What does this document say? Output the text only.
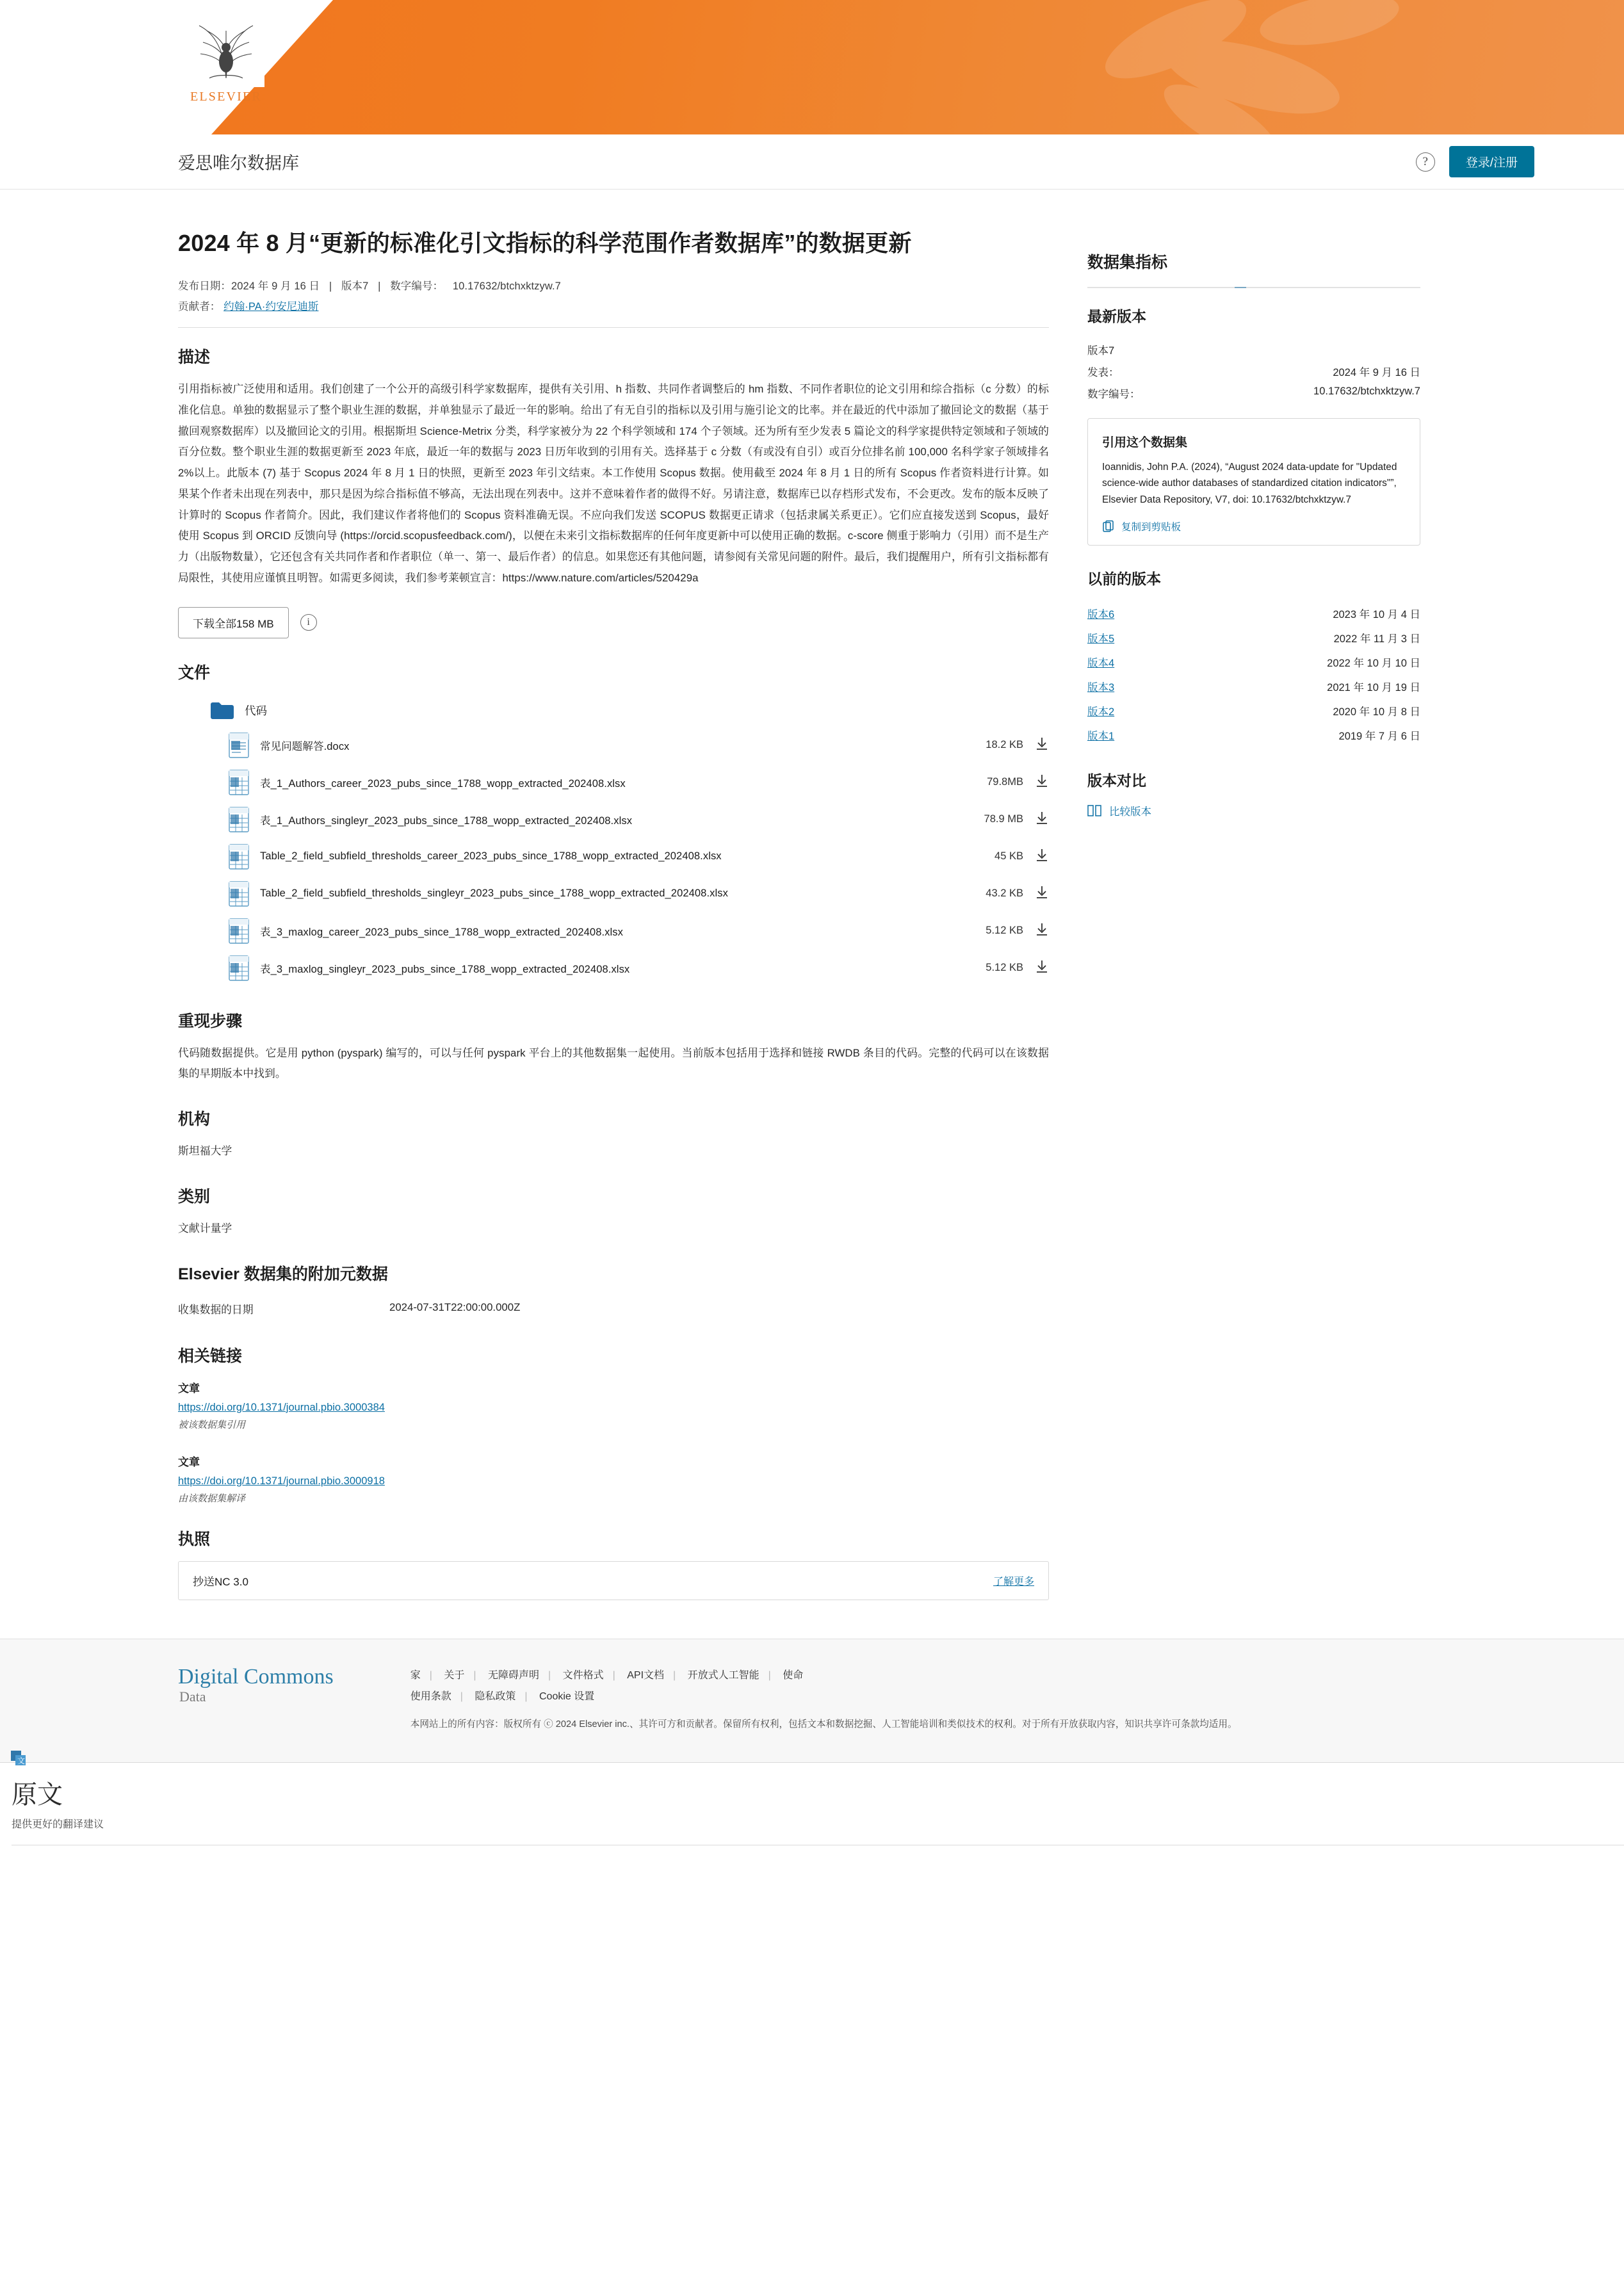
ELSEVIER
爱思唯尔数据库	?	登录/注册
2024 年 8 月“更新的标准化引文指标的科学范围作者数据库”的数据更新
发布日期：2024 年 9 月 16 日 | 版本7 | 数字编号： 10.17632/btchxktzyw.7
贡献者： 约翰·PA·约安尼迪斯
描述

引用指标被广泛使用和适用。我们创建了一个公开的高级引科学家数据库，提供有关引用、h 指数、共同作者调整后的 hm 指数、不同作者职位的论文引用和综合指标（c 分数）的标准化信息。单独的数据显示了整个职业生涯的数据，并单独显示了最近一年的影响。给出了有无自引的指标以及引用与施引论文的比率。并在最近的代中添加了撤回论文的数据（基于撤回观察数据库）以及撤回论文的引用。根据斯坦 Science-Metrix 分类，科学家被分为 22 个科学领域和 174 个子领域。还为所有至少发表 5 篇论文的科学家提供特定领域和子领域的百分位数。整个职业生涯的数据更新至 2023 年底，最近一年的数据与 2023 日历年收到的引用有关。选择基于 c 分数（有或没有自引）或百分位排名前 100,000 名科学家子领域排名2%以上。此版本 (7) 基于 Scopus 2024 年 8 月 1 日的快照，更新至 2023 年引文结束。本工作使用 Scopus 数据。使用截至 2024 年 8 月 1 日的所有 Scopus 作者资料进行计算。如果某个作者未出现在列表中，那只是因为综合指标值不够高，无法出现在列表中。这并不意味着作者的做得不好。另请注意，数据库已以存档形式发布，不会更改。发布的版本反映了计算时的 Scopus 作者简介。因此，我们建议作者将他们的 Scopus 资料准确无误。不应向我们发送 SCOPUS 数据更正请求（包括隶属关系更正）。它们应直接发送到 Scopus，最好使用 Scopus 到 ORCID 反馈向导 (https://orcid.scopusfeedback.com/)，以便在未来引文指标数据库的任何年度更新中可以使用正确的数据。c-score 侧重于影响力（引用）而不是生产力（出版物数量），它还包含有关共同作者和作者职位（单一、第一、最后作者）的信息。如果您还有其他问题，请参阅有关常见问题的附件。最后，我们提醒用户，所有引文指标都有局限性，其使用应谨慎且明智。如需更多阅读，我们参考莱顿宣言：https://www.nature.com/articles/520429a

下载全部158 MB	i
文件
代码
常见问题解答.docx	18.2 KB
表_1_Authors_career_2023_pubs_since_1788_wopp_extracted_202408.xlsx	79.8MB
表_1_Authors_singleyr_2023_pubs_since_1788_wopp_extracted_202408.xlsx	78.9 MB
Table_2_field_subfield_thresholds_career_2023_pubs_since_1788_wopp_extracted_202408.xlsx	45 KB
Table_2_field_subfield_thresholds_singleyr_2023_pubs_since_1788_wopp_extracted_202408.xlsx	43.2 KB
表_3_maxlog_career_2023_pubs_since_1788_wopp_extracted_202408.xlsx	5.12 KB
表_3_maxlog_singleyr_2023_pubs_since_1788_wopp_extracted_202408.xlsx	5.12 KB
重现步骤

代码随数据提供。它是用 python (pyspark) 编写的，可以与任何 pyspark 平台上的其他数据集一起使用。当前版本包括用于选择和链接 RWDB 条目的代码。完整的代码可以在该数据集的早期版本中找到。

机构

斯坦福大学

类别

文献计量学

Elsevier 数据集的附加元数据
收集数据的日期	2024-07-31T22:00:00.000Z
相关链接
文章
https://doi.org/10.1371/journal.pbio.3000384
被该数据集引用
文章
https://doi.org/10.1371/journal.pbio.3000918
由该数据集解译
执照
抄送NC 3.0	了解更多
数据集指标
最新版本
版本7
发表：	2024 年 9 月 16 日
数字编号：	10.17632/btchxktzyw.7
引用这个数据集
Ioannidis, John P.A. (2024), “August 2024 data-update for "Updated science-wide author databases of standardized citation indicators"”, Elsevier Data Repository, V7, doi: 10.17632/btchxktzyw.7
复制到剪贴板
以前的版本
版本6	2023 年 10 月 4 日
版本5	2022 年 11 月 3 日
版本4	2022 年 10 月 10 日
版本3	2021 年 10 月 19 日
版本2	2020 年 10 月 8 日
版本1	2019 年 7 月 6 日
版本对比
比较版本
Digital Commons
Data
家 | 关于 | 无障碍声明 | 文件格式 | API文档 | 开放式人工智能 | 使命
使用条款 | 隐私政策 | Cookie 设置
本网站上的所有内容：版权所有 ⓒ 2024 Elsevier inc.、其许可方和贡献者。保留所有权利，包括文本和数据挖掘、人工智能培训和类似技术的权利。对于所有开放获取内容，知识共享许可条款均适用。
文
原文
提供更好的翻译建议
